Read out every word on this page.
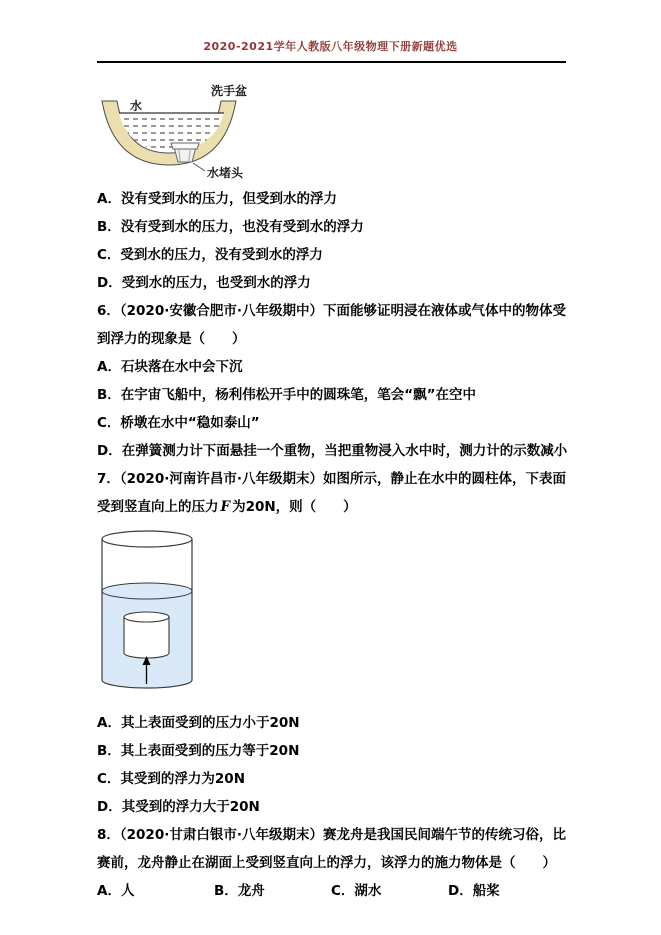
2020-2021学年人教版八年级物理下册新题优选
洗手盆
水
水堵头
A．没有受到水的压力，但受到水的浮力
B．没有受到水的压力，也没有受到水的浮力
C．受到水的压力，没有受到水的浮力
D．受到水的压力，也受到水的浮力

6．（2020·安徽合肥市·八年级期中）下面能够证明浸在液体或气体中的物体受到浮力的现象是（　　）

A．石块落在水中会下沉
B．在宇宙飞船中，杨利伟松开手中的圆珠笔，笔会“飘”在空中
C．桥墩在水中“稳如泰山”
D．在弹簧测力计下面悬挂一个重物，当把重物浸入水中时，测力计的示数减小

7．（2020·河南许昌市·八年级期末）如图所示，静止在水中的圆柱体，下表面受到竖直向上的压力 F 为20N，则（　　）

A．其上表面受到的压力小于20N
B．其上表面受到的压力等于20N
C．其受到的浮力为20N
D．其受到的浮力大于20N

8．（2020·甘肃白银市·八年级期末）赛龙舟是我国民间端午节的传统习俗，比赛前，龙舟静止在湖面上受到竖直向上的浮力，该浮力的施力物体是（　　）

A．人	B．龙舟	C．湖水	D．船桨
